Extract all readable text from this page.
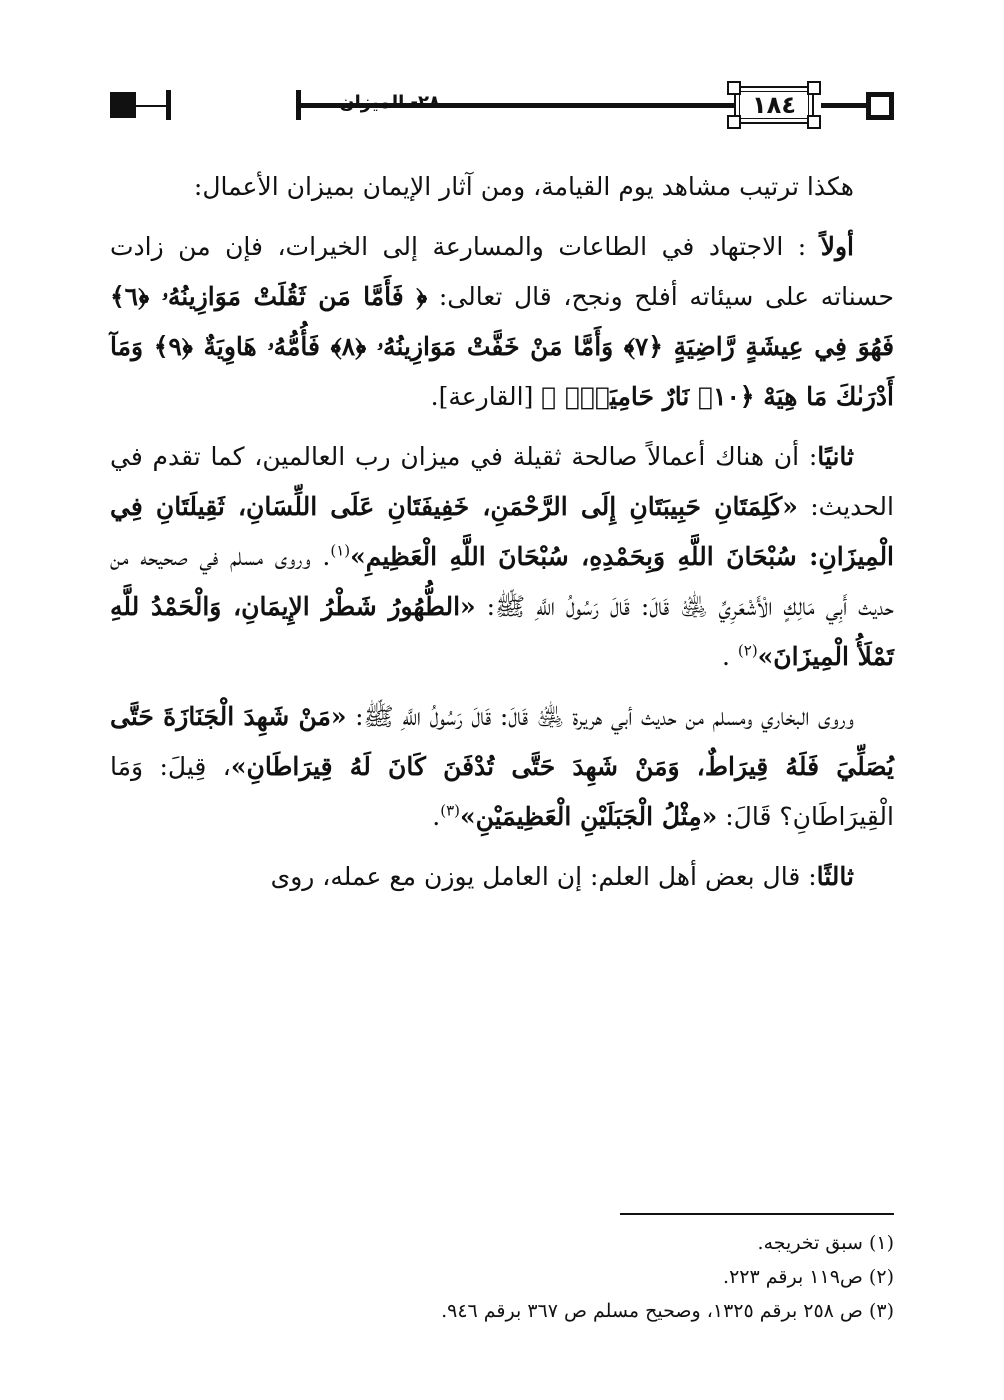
١٨٤

هكذا ترتيب مشاهد يوم القيامة، ومن آثار الإيمان بميزان الأعمال:

أولاً : الاجتهاد في الطاعات والمسارعة إلى الخيرات، فإن من زادت حسناته على سيئاته أفلح ونجح، قال تعالى: ﴿ فَأَمَّا مَن ثَقُلَتْ مَوَازِينُهُۥ ﴿٦﴾ فَهُوَ فِي عِيشَةٍ رَّاضِيَةٍ ﴿٧﴾ وَأَمَّا مَنْ خَفَّتْ مَوَازِينُهُۥ ﴿٨﴾ فَأُمُّهُۥ هَاوِيَةٌ ﴿٩﴾ وَمَآ أَدْرَىٰكَ مَا هِيَهْ ﴿١٠﴾ نَارٌ حَامِيَةٌۢ ﴾ [القارعة].

ثانيًا: أن هناك أعمالاً صالحة ثقيلة في ميزان رب العالمين، كما تقدم في الحديث: «كَلِمَتَانِ حَبِيبَتَانِ إِلَى الرَّحْمَنِ، خَفِيفَتَانِ عَلَى اللِّسَانِ، ثَقِيلَتَانِ فِي الْمِيزَانِ: سُبْحَانَ اللَّهِ وَبِحَمْدِهِ، سُبْحَانَ اللَّهِ الْعَظِيمِ»$^{(١)}$. وروى مسلم في صحيحه من حديث أَبِي مَالِكٍ الْأَشْعَرِيِّ ﵁ قَالَ: قَالَ رَسُولُ اللَّهِ ﷺ: «الطُّهُورُ شَطْرُ الإِيمَانِ، وَالْحَمْدُ للَّهِ تَمْلَأُ الْمِيزَانَ»$^{(٢)}$ .

وروى البخاري ومسلم من حديث أبي هريرة ﵁ قَالَ: قَالَ رَسُولُ اللَّهِ ﷺ: «مَنْ شَهِدَ الْجَنَازَةَ حَتَّى يُصَلِّيَ فَلَهُ قِيرَاطٌ، وَمَنْ شَهِدَ حَتَّى تُدْفَنَ كَانَ لَهُ قِيرَاطَانِ»، قِيلَ: وَمَا الْقِيرَاطَانِ؟ قَالَ: «مِثْلُ الْجَبَلَيْنِ الْعَظِيمَيْنِ»$^{(٣)}$.

ثالثًا: قال بعض أهل العلم: إن العامل يوزن مع عمله، روى

(١) سبق تخريجه.

(٢) ص١١٩ برقم ٢٢٣.

(٣) ص ٢٥٨ برقم ١٣٢٥، وصحيح مسلم ص ٣٦٧ برقم ٩٤٦.
